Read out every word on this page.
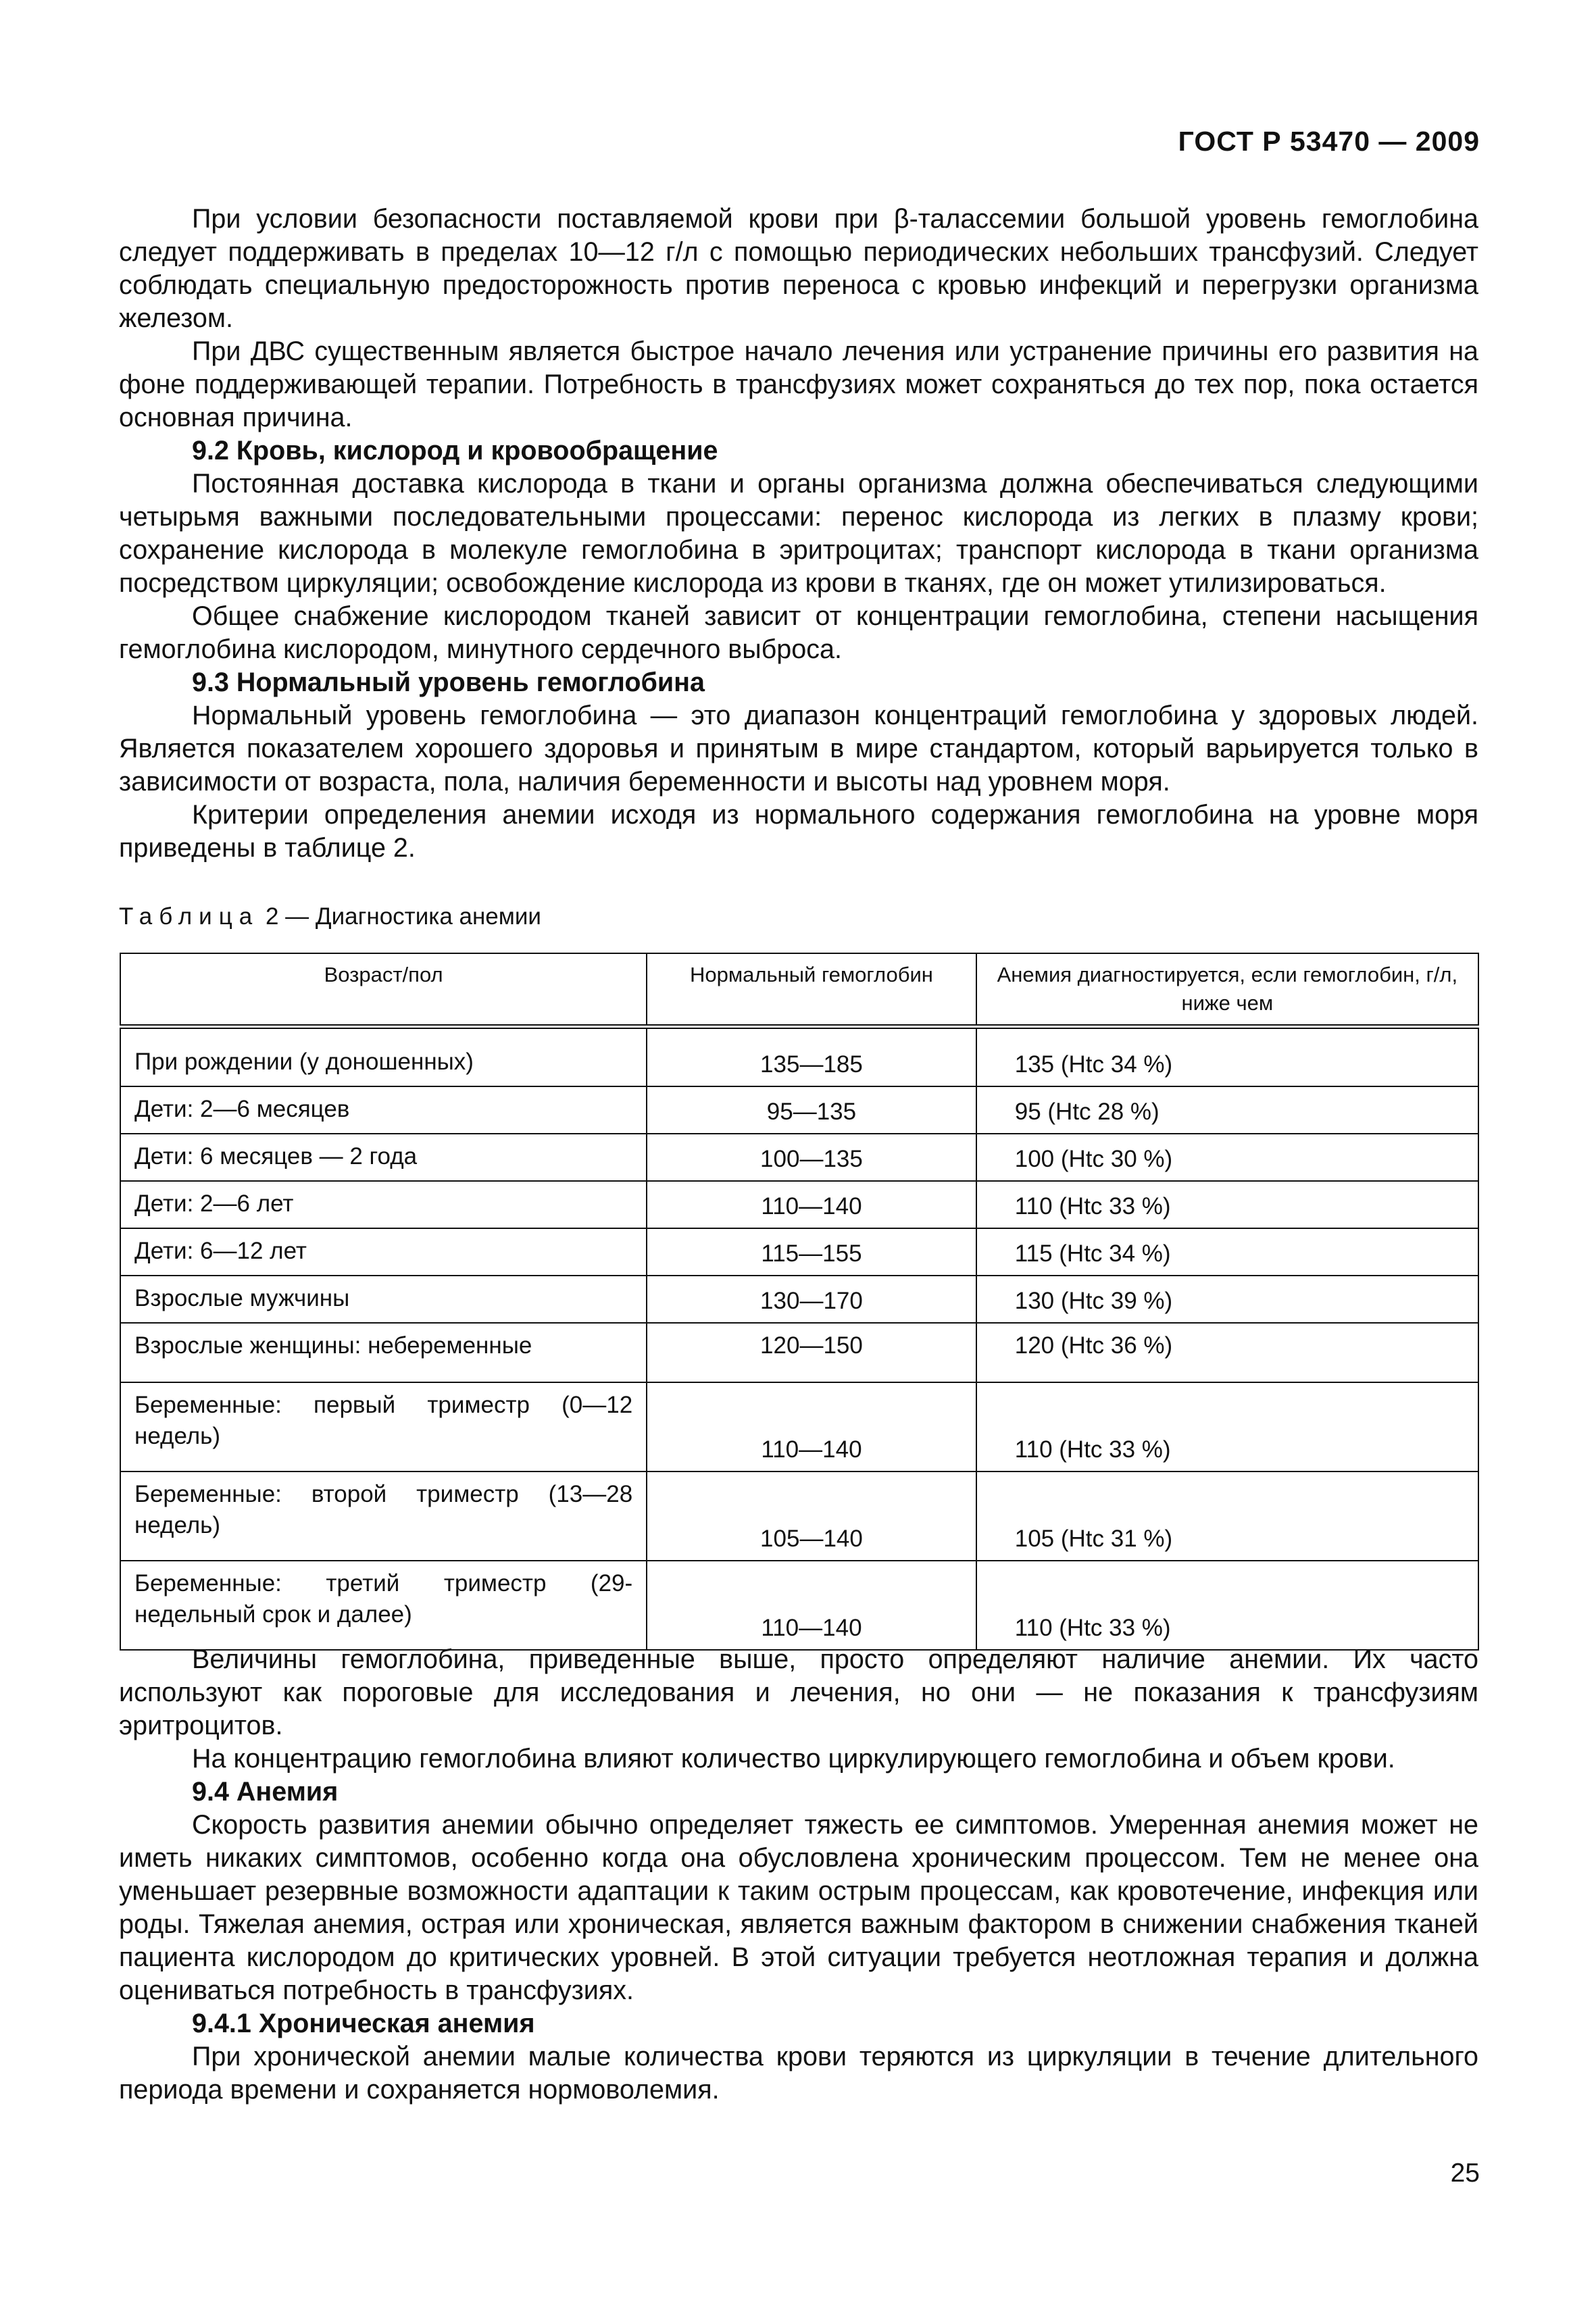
ГОСТ Р 53470 — 2009

При условии безопасности поставляемой крови при β-талассемии большой уровень гемоглобина следует поддерживать в пределах 10—12 г/л с помощью периодических небольших трансфузий. Следует соблюдать специальную предосторожность против переноса с кровью инфекций и перегрузки организма железом.

При ДВС существенным является быстрое начало лечения или устранение причины его развития на фоне поддерживающей терапии. Потребность в трансфузиях может сохраняться до тех пор, пока остается основная причина.

9.2 Кровь, кислород и кровообращение

Постоянная доставка кислорода в ткани и органы организма должна обеспечиваться следующими четырьмя важными последовательными процессами: перенос кислорода из легких в плазму крови; сохранение кислорода в молекуле гемоглобина в эритроцитах; транспорт кислорода в ткани организма посредством циркуляции; освобождение кислорода из крови в тканях, где он может утилизироваться.

Общее снабжение кислородом тканей зависит от концентрации гемоглобина, степени насыщения гемоглобина кислородом, минутного сердечного выброса.

9.3 Нормальный уровень гемоглобина

Нормальный уровень гемоглобина — это диапазон концентраций гемоглобина у здоровых людей. Является показателем хорошего здоровья и принятым в мире стандартом, который варьируется только в зависимости от возраста, пола, наличия беременности и высоты над уровнем моря.

Критерии определения анемии исходя из нормального содержания гемоглобина на уровне моря приведены в таблице 2.

Таблица 2 — Диагностика анемии
Возраст/пол	Нормальный гемоглобин	Анемия диагностируется, если гемоглобин, г/л, ниже чем
При рождении (у доношенных)	135—185	135 (Htc 34 %)
Дети: 2—6 месяцев	95—135	95 (Htc 28 %)
Дети: 6 месяцев — 2 года	100—135	100 (Htc 30 %)
Дети: 2—6 лет	110—140	110 (Htc 33 %)
Дети: 6—12 лет	115—155	115 (Htc 34 %)
Взрослые мужчины	130—170	130 (Htc 39 %)
Взрослые женщины: небеременные	120—150	120 (Htc 36 %)
Беременные: первый триместр (0—12 недель)	110—140	110 (Htc 33 %)
Беременные: второй триместр (13—28 недель)	105—140	105 (Htc 31 %)
Беременные: третий триместр (29-недельный срок и далее)	110—140	110 (Htc 33 %)

Величины гемоглобина, приведенные выше, просто определяют наличие анемии. Их часто используют как пороговые для исследования и лечения, но они — не показания к трансфузиям эритроцитов.

На концентрацию гемоглобина влияют количество циркулирующего гемоглобина и объем крови.

9.4 Анемия

Скорость развития анемии обычно определяет тяжесть ее симптомов. Умеренная анемия может не иметь никаких симптомов, особенно когда она обусловлена хроническим процессом. Тем не менее она уменьшает резервные возможности адаптации к таким острым процессам, как кровотечение, инфекция или роды. Тяжелая анемия, острая или хроническая, является важным фактором в снижении снабжения тканей пациента кислородом до критических уровней. В этой ситуации требуется неотложная терапия и должна оцениваться потребность в трансфузиях.

9.4.1 Хроническая анемия

При хронической анемии малые количества крови теряются из циркуляции в течение длительного периода времени и сохраняется нормоволемия.

25
